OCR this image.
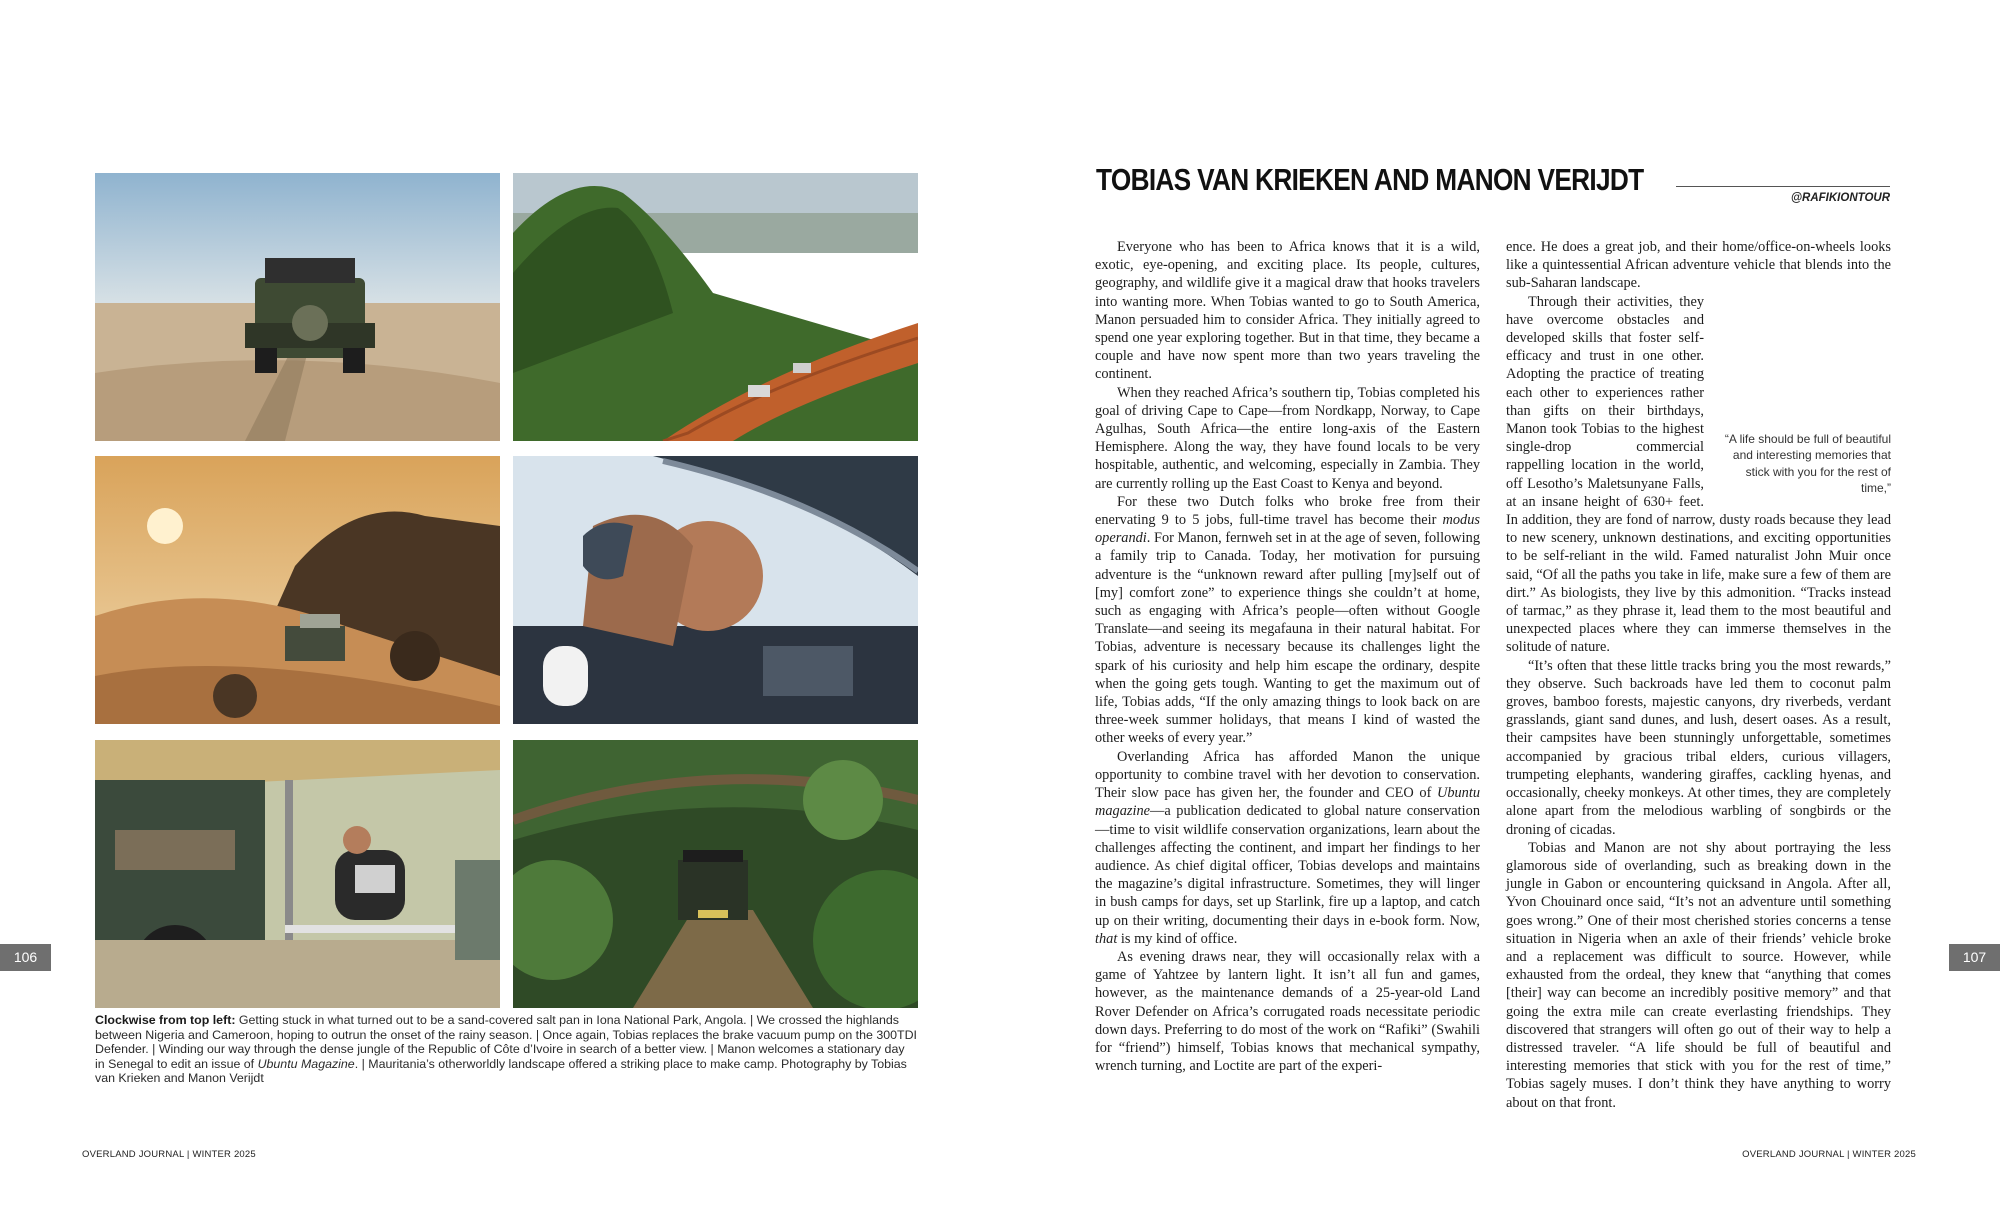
Clockwise from top left: Getting stuck in what turned out to be a sand-covered salt pan in Iona National Park, Angola. | We crossed the highlands between Nigeria and Cameroon, hoping to outrun the onset of the rainy season. | Once again, Tobias replaces the brake vacuum pump on the 300TDI Defender. | Winding our way through the dense jungle of the Republic of Côte d’Ivoire in search of a better view. | Manon welcomes a stationary day in Senegal to edit an issue of Ubuntu Magazine. | Mauritania’s otherworldly landscape offered a striking place to make camp. Photography by Tobias van Krieken and Manon Verijdt
106	107
OVERLAND JOURNAL | WINTER 2025	OVERLAND JOURNAL | WINTER 2025
TOBIAS VAN KRIEKEN AND MANON VERIJDT
@RAFIKIONTOUR

Everyone who has been to Africa knows that it is a wild, exotic, eye-opening, and exciting place. Its people, cultures, geography, and wildlife give it a magical draw that hooks travelers into wanting more. When Tobias wanted to go to South America, Manon persuaded him to consider Africa. They initially agreed to spend one year exploring together. But in that time, they became a couple and have now spent more than two years traveling the continent.

When they reached Africa’s southern tip, Tobias completed his goal of driving Cape to Cape—from Nordkapp, Norway, to Cape Agulhas, South Africa—the entire long-axis of the Eastern Hemisphere. Along the way, they have found locals to be very hospitable, authentic, and welcoming, especially in Zambia. They are currently rolling up the East Coast to Kenya and beyond.

For these two Dutch folks who broke free from their enervating 9 to 5 jobs, full-time travel has become their modus operandi. For Manon, fernweh set in at the age of seven, following a family trip to Canada. Today, her motivation for pursuing adventure is the “unknown reward after pulling [my]self out of [my] comfort zone” to experience things she couldn’t at home, such as engaging with Africa’s people—often without Google Translate—and seeing its megafauna in their natural habitat. For Tobias, adventure is necessary because its challenges light the spark of his curiosity and help him escape the ordinary, despite when the going gets tough. Wanting to get the maximum out of life, Tobias adds, “If the only amazing things to look back on are three-week summer holidays, that means I kind of wasted the other weeks of every year.”

Overlanding Africa has afforded Manon the unique opportunity to combine travel with her devotion to conservation. Their slow pace has given her, the founder and CEO of Ubuntu magazine—a publication dedicated to global nature conservation—time to visit wildlife conservation organizations, learn about the challenges affecting the continent, and impart her findings to her audience. As chief digital officer, Tobias develops and maintains the magazine’s digital infrastructure. Sometimes, they will linger in bush camps for days, set up Starlink, fire up a laptop, and catch up on their writing, documenting their days in e-book form. Now, that is my kind of office.

As evening draws near, they will occasionally relax with a game of Yahtzee by lantern light. It isn’t all fun and games, however, as the maintenance demands of a 25-year-old Land Rover Defender on Africa’s corrugated roads necessitate periodic down days. Preferring to do most of the work on “Rafiki” (Swahili for “friend”) himself, Tobias knows that mechanical sympathy, wrench turning, and Loctite are part of the experi-

ence. He does a great job, and their home/office-on-wheels looks like a quintessential African adventure vehicle that blends into the sub-Saharan landscape.

“A life should be full of beautiful and interesting memories that stick with you for the rest of time,”

Through their activities, they have overcome obstacles and developed skills that foster self-efficacy and trust in one other. Adopting the practice of treating each other to experiences rather than gifts on their birthdays, Manon took Tobias to the highest single-drop commercial rappelling location in the world, off Lesotho’s Maletsunyane Falls, at an insane height of 630+ feet. In addition, they are fond of narrow, dusty roads because they lead to new scenery, unknown destinations, and exciting opportunities to be self-reliant in the wild. Famed naturalist John Muir once said, “Of all the paths you take in life, make sure a few of them are dirt.” As biologists, they live by this admonition. “Tracks instead of tarmac,” as they phrase it, lead them to the most beautiful and unexpected places where they can immerse themselves in the solitude of nature.

“It’s often that these little tracks bring you the most rewards,” they observe. Such backroads have led them to coconut palm groves, bamboo forests, majestic canyons, dry riverbeds, verdant grasslands, giant sand dunes, and lush, desert oases. As a result, their campsites have been stunningly unforgettable, sometimes accompanied by gracious tribal elders, curious villagers, trumpeting elephants, wandering giraffes, cackling hyenas, and occasionally, cheeky monkeys. At other times, they are completely alone apart from the melodious warbling of songbirds or the droning of cicadas.

Tobias and Manon are not shy about portraying the less glamorous side of overlanding, such as breaking down in the jungle in Gabon or encountering quicksand in Angola. After all, Yvon Chouinard once said, “It’s not an adventure until something goes wrong.” One of their most cherished stories concerns a tense situation in Nigeria when an axle of their friends’ vehicle broke and a replacement was difficult to source. However, while exhausted from the ordeal, they knew that “anything that comes [their] way can become an incredibly positive memory” and that going the extra mile can create everlasting friendships. They discovered that strangers will often go out of their way to help a distressed traveler. “A life should be full of beautiful and interesting memories that stick with you for the rest of time,” Tobias sagely muses. I don’t think they have anything to worry about on that front.
